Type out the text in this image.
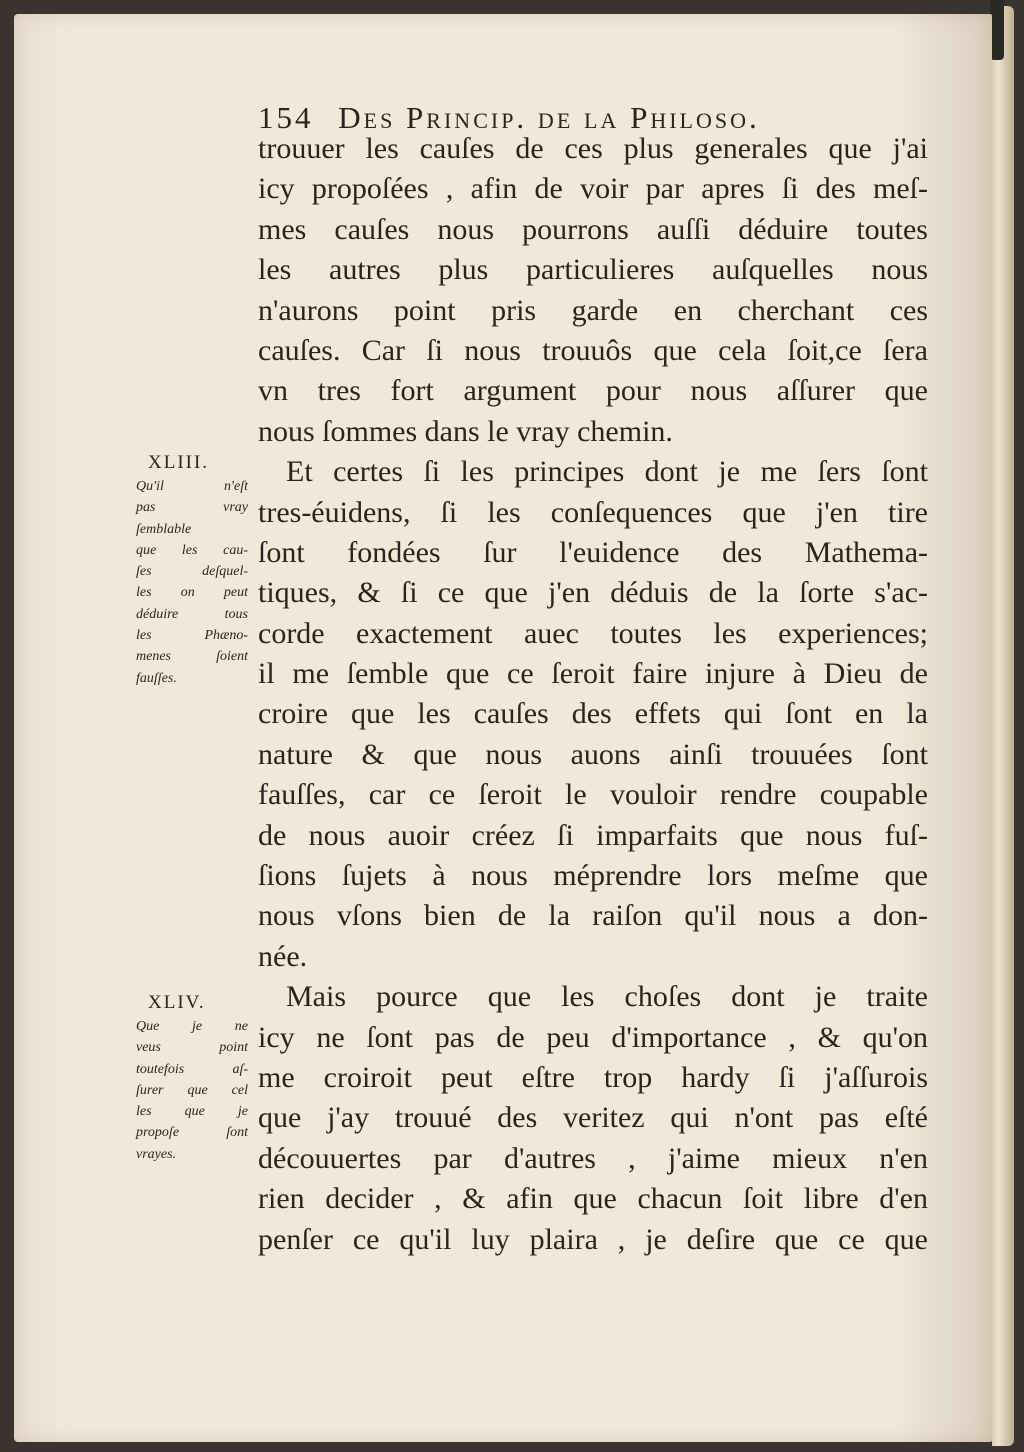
154 Des Princip. de la Philoso.
trouuer les cauſes de ces plus generales que j'ai
icy propoſées , afin de voir par apres ſi des meſ-
mes cauſes nous pourrons auſſi déduire toutes
les autres plus particulieres auſquelles nous
n'aurons point pris garde en cherchant ces
cauſes. Car ſi nous trouuôs que cela ſoit,ce ſera
vn tres fort argument pour nous aſſurer que
nous ſommes dans le vray chemin.
Et certes ſi les principes dont je me ſers ſont
tres-éuidens, ſi les conſequences que j'en tire
ſont fondées ſur l'euidence des Mathema-
tiques, & ſi ce que j'en déduis de la ſorte s'ac-
corde exactement auec toutes les experiences;
il me ſemble que ce ſeroit faire injure à Dieu de
croire que les cauſes des effets qui ſont en la
nature & que nous auons ainſi trouuées ſont
fauſſes, car ce ſeroit le vouloir rendre coupable
de nous auoir créez ſi imparfaits que nous fuſ-
ſions ſujets à nous méprendre lors meſme que
nous vſons bien de la raiſon qu'il nous a don-
née.
Mais pource que les choſes dont je traite
icy ne ſont pas de peu d'importance , & qu'on
me croiroit peut eſtre trop hardy ſi j'aſſurois
que j'ay trouué des veritez qui n'ont pas eſté
découuertes par d'autres , j'aime mieux n'en
rien decider , & afin que chacun ſoit libre d'en
penſer ce qu'il luy plaira , je deſire que ce que
XLIII.
Qu'il n'eſt
pas vray
ſemblable
que les cau-
ſes deſquel-
les on peut
déduire tous
les Phæno-
menes ſoient
fauſſes.
XLIV.
Que je ne
veus point
toutefois aſ-
ſurer que cel
les que je
propoſe ſont
vrayes.
